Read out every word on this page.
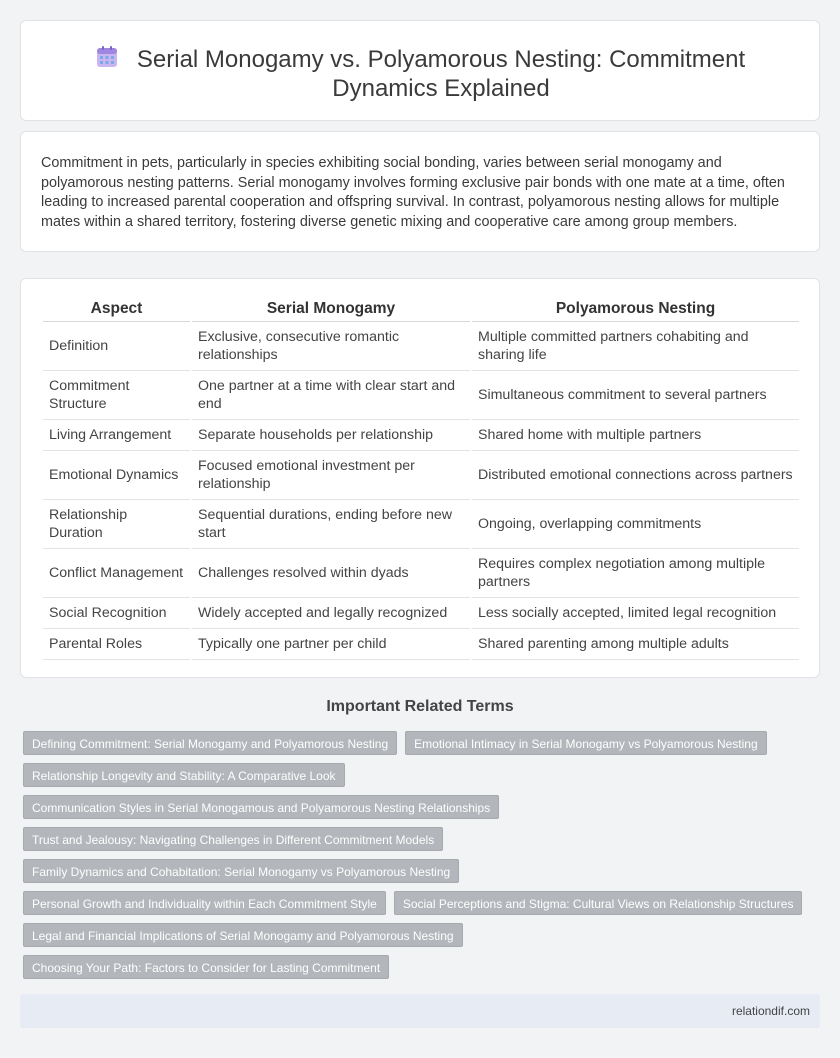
Serial Monogamy vs. Polyamorous Nesting: Commitment Dynamics Explained

Commitment in pets, particularly in species exhibiting social bonding, varies between serial monogamy and polyamorous nesting patterns. Serial monogamy involves forming exclusive pair bonds with one mate at a time, often leading to increased parental cooperation and offspring survival. In contrast, polyamorous nesting allows for multiple mates within a shared territory, fostering diverse genetic mixing and cooperative care among group members.

Aspect	Serial Monogamy	Polyamorous Nesting
Definition	Exclusive, consecutive romantic relationships	Multiple committed partners cohabiting and sharing life
Commitment Structure	One partner at a time with clear start and end	Simultaneous commitment to several partners
Living Arrangement	Separate households per relationship	Shared home with multiple partners
Emotional Dynamics	Focused emotional investment per relationship	Distributed emotional connections across partners
Relationship Duration	Sequential durations, ending before new start	Ongoing, overlapping commitments
Conflict Management	Challenges resolved within dyads	Requires complex negotiation among multiple partners
Social Recognition	Widely accepted and legally recognized	Less socially accepted, limited legal recognition
Parental Roles	Typically one partner per child	Shared parenting among multiple adults
Important Related Terms
Defining Commitment: Serial Monogamy and Polyamorous Nesting	Emotional Intimacy in Serial Monogamy vs Polyamorous Nesting
Relationship Longevity and Stability: A Comparative Look
Communication Styles in Serial Monogamous and Polyamorous Nesting Relationships
Trust and Jealousy: Navigating Challenges in Different Commitment Models
Family Dynamics and Cohabitation: Serial Monogamy vs Polyamorous Nesting
Personal Growth and Individuality within Each Commitment Style	Social Perceptions and Stigma: Cultural Views on Relationship Structures
Legal and Financial Implications of Serial Monogamy and Polyamorous Nesting
Choosing Your Path: Factors to Consider for Lasting Commitment
relationdif.com
